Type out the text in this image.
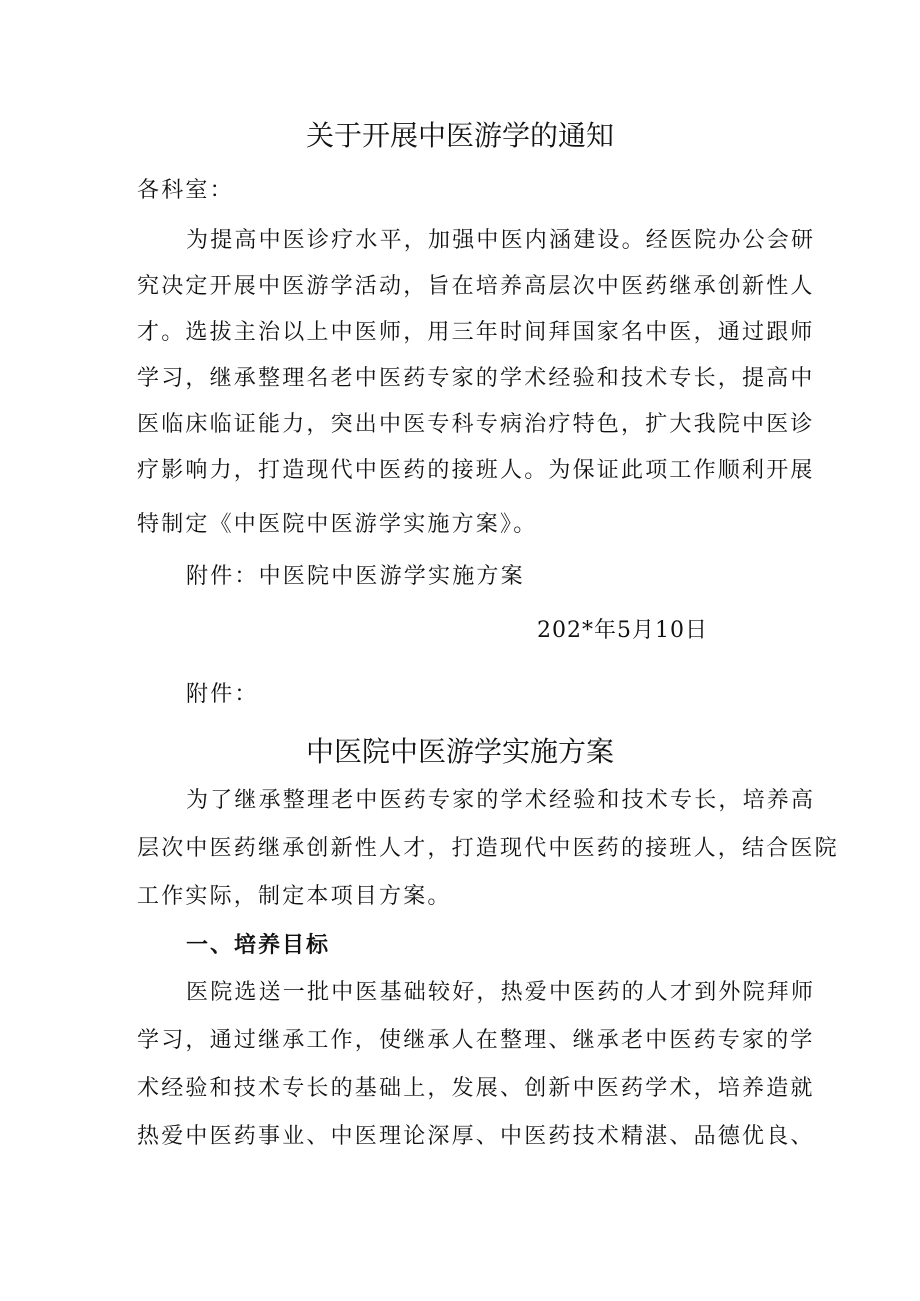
关于开展中医游学的通知
各科室：
为提高中医诊疗水平，加强中医内涵建设。经医院办公会研
究决定开展中医游学活动，旨在培养高层次中医药继承创新性人
才。选拔主治以上中医师，用三年时间拜国家名中医，通过跟师
学习，继承整理名老中医药专家的学术经验和技术专长，提高中
医临床临证能力，突出中医专科专病治疗特色，扩大我院中医诊
疗影响力，打造现代中医药的接班人。为保证此项工作顺利开展
特制定《中医院中医游学实施方案》。
附件：中医院中医游学实施方案
202*年5月10日
附件：
中医院中医游学实施方案
为了继承整理老中医药专家的学术经验和技术专长，培养高
层次中医药继承创新性人才，打造现代中医药的接班人，结合医院
工作实际，制定本项目方案。
一、培养目标
医院选送一批中医基础较好，热爱中医药的人才到外院拜师
学习，通过继承工作，使继承人在整理、继承老中医药专家的学
术经验和技术专长的基础上，发展、创新中医药学术，培养造就
热爱中医药事业、中医理论深厚、中医药技术精湛、品德优良、
